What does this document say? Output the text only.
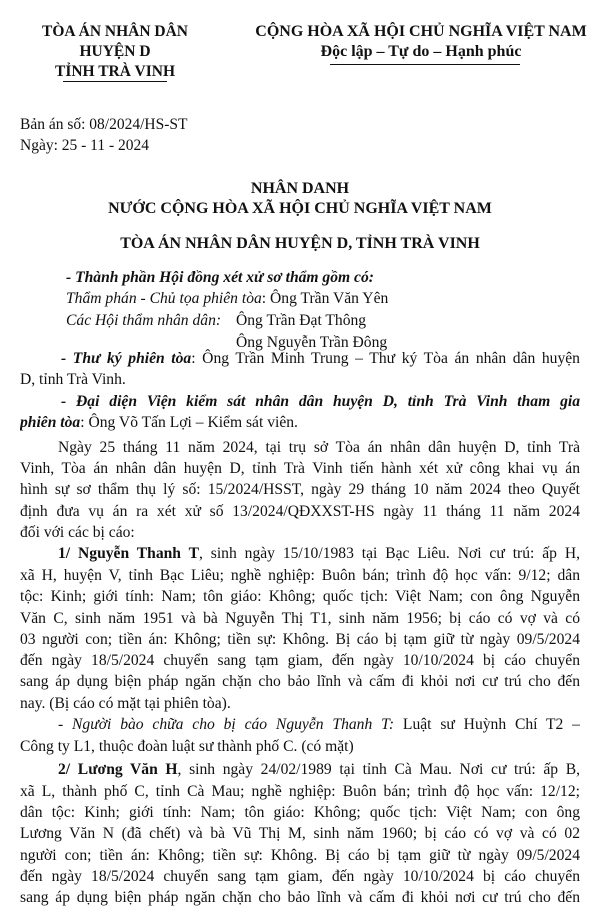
TÒA ÁN NHÂN DÂN
HUYỆN D
TỈNH TRÀ VINH
CỘNG HÒA XÃ HỘI CHỦ NGHĨA VIỆT NAM
Độc lập – Tự do – Hạnh phúc
Bản án số: 08/2024/HS-ST
Ngày: 25 - 11 - 2024
NHÂN DANH
NƯỚC CỘNG HÒA XÃ HỘI CHỦ NGHĨA VIỆT NAM
TÒA ÁN NHÂN DÂN HUYỆN D, TỈNH TRÀ VINH
- Thành phần Hội đồng xét xử sơ thẩm gồm có:
Thẩm phán - Chủ tọa phiên tòa: Ông Trần Văn Yên
Các Hội thẩm nhân dân: Ông Trần Đạt Thông
Ông Nguyễn Trần Đông
- Thư ký phiên tòa: Ông Trần Minh Trung – Thư ký Tòa án nhân dân huyện
D, tỉnh Trà Vinh.
- Đại diện Viện kiểm sát nhân dân huyện D, tỉnh Trà Vinh tham gia
phiên tòa: Ông Võ Tấn Lợi – Kiểm sát viên.
Ngày 25 tháng 11 năm 2024, tại trụ sở Tòa án nhân dân huyện D, tỉnh Trà
Vinh, Tòa án nhân dân huyện D, tỉnh Trà Vinh tiến hành xét xử công khai vụ án
hình sự sơ thẩm thụ lý số: 15/2024/HSST, ngày 29 tháng 10 năm 2024 theo Quyết
định đưa vụ án ra xét xử số 13/2024/QĐXXST-HS ngày 11 tháng 11 năm 2024
đối với các bị cáo:
1/ Nguyễn Thanh T, sinh ngày 15/10/1983 tại Bạc Liêu. Nơi cư trú: ấp H,
xã H, huyện V, tỉnh Bạc Liêu; nghề nghiệp: Buôn bán; trình độ học vấn: 9/12; dân
tộc: Kinh; giới tính: Nam; tôn giáo: Không; quốc tịch: Việt Nam; con ông Nguyễn
Văn C, sinh năm 1951 và bà Nguyễn Thị T1, sinh năm 1956; bị cáo có vợ và có
03 người con; tiền án: Không; tiền sự: Không. Bị cáo bị tạm giữ từ ngày 09/5/2024
đến ngày 18/5/2024 chuyển sang tạm giam, đến ngày 10/10/2024 bị cáo chuyển
sang áp dụng biện pháp ngăn chặn cho bảo lĩnh và cấm đi khỏi nơi cư trú cho đến
nay. (Bị cáo có mặt tại phiên tòa).
- Người bào chữa cho bị cáo Nguyễn Thanh T: Luật sư Huỳnh Chí T2 –
Công ty L1, thuộc đoàn luật sư thành phố C. (có mặt)
2/ Lương Văn H, sinh ngày 24/02/1989 tại tỉnh Cà Mau. Nơi cư trú: ấp B,
xã L, thành phố C, tỉnh Cà Mau; nghề nghiệp: Buôn bán; trình độ học vấn: 12/12;
dân tộc: Kinh; giới tính: Nam; tôn giáo: Không; quốc tịch: Việt Nam; con ông
Lương Văn N (đã chết) và bà Vũ Thị M, sinh năm 1960; bị cáo có vợ và có 02
người con; tiền án: Không; tiền sự: Không. Bị cáo bị tạm giữ từ ngày 09/5/2024
đến ngày 18/5/2024 chuyển sang tạm giam, đến ngày 10/10/2024 bị cáo chuyển
sang áp dụng biện pháp ngăn chặn cho bảo lĩnh và cấm đi khỏi nơi cư trú cho đến
